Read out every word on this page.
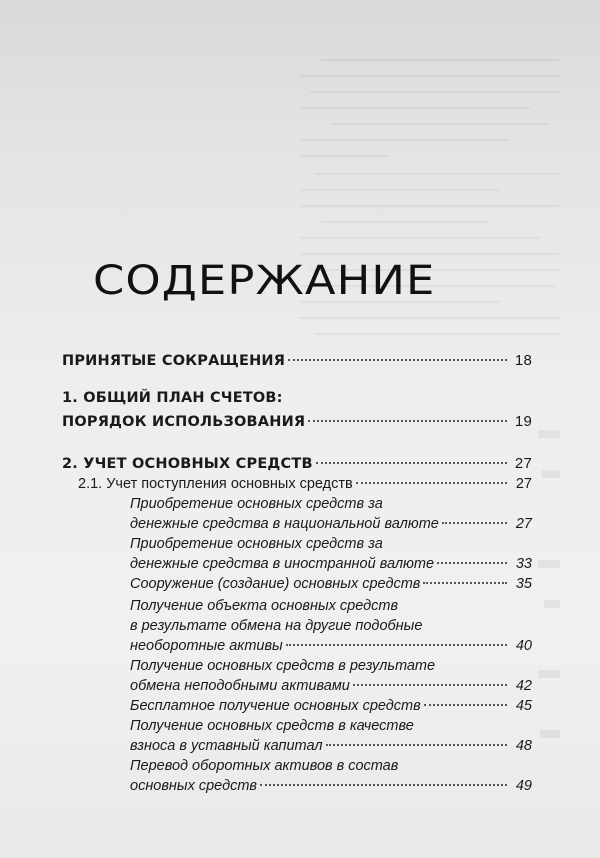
СОДЕРЖАНИЕ
ПРИНЯТЫЕ СОКРАЩЕНИЯ	18
1. ОБЩИЙ ПЛАН СЧЕТОВ:
ПОРЯДОК ИСПОЛЬЗОВАНИЯ	19
2. УЧЕТ ОСНОВНЫХ СРЕДСТВ	27
2.1. Учет поступления основных средств	27
Приобретение основных средств за
денежные средства в национальной валюте	27
Приобретение основных средств за
денежные средства в иностранной валюте	33
Сооружение (создание) основных средств	35
Получение объекта основных средств
в результате обмена на другие подобные
необоротные активы	40
Получение основных средств в результате
обмена неподобными активами	42
Бесплатное получение основных средств	45
Получение основных средств в качестве
взноса в уставный капитал	48
Перевод оборотных активов в состав
основных средств	49
